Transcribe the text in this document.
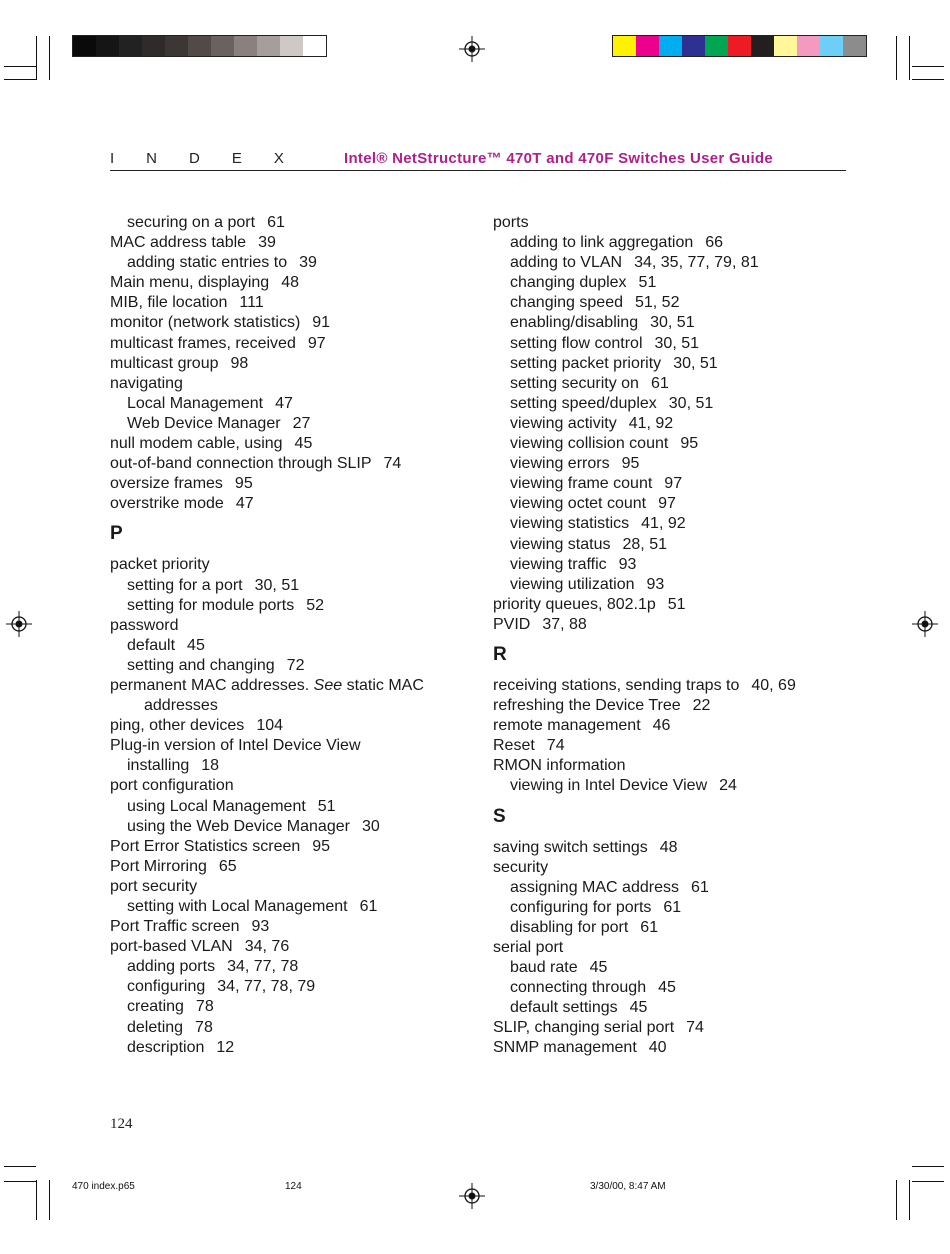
INDEX Intel® NetStructure™ 470T and 470F Switches User Guide
securing on a port 61
MAC address table 39
adding static entries to 39
Main menu, displaying 48
MIB, file location 111
monitor (network statistics) 91
multicast frames, received 97
multicast group 98
navigating
Local Management 47
Web Device Manager 27
null modem cable, using 45
out-of-band connection through SLIP 74
oversize frames 95
overstrike mode 47
P
packet priority
setting for a port 30, 51
setting for module ports 52
password
default 45
setting and changing 72
permanent MAC addresses. See static MAC
addresses
ping, other devices 104
Plug-in version of Intel Device View
installing 18
port configuration
using Local Management 51
using the Web Device Manager 30
Port Error Statistics screen 95
Port Mirroring 65
port security
setting with Local Management 61
Port Traffic screen 93
port-based VLAN 34, 76
adding ports 34, 77, 78
configuring 34, 77, 78, 79
creating 78
deleting 78
description 12
ports
adding to link aggregation 66
adding to VLAN 34, 35, 77, 79, 81
changing duplex 51
changing speed 51, 52
enabling/disabling 30, 51
setting flow control 30, 51
setting packet priority 30, 51
setting security on 61
setting speed/duplex 30, 51
viewing activity 41, 92
viewing collision count 95
viewing errors 95
viewing frame count 97
viewing octet count 97
viewing statistics 41, 92
viewing status 28, 51
viewing traffic 93
viewing utilization 93
priority queues, 802.1p 51
PVID 37, 88
R
receiving stations, sending traps to 40, 69
refreshing the Device Tree 22
remote management 46
Reset 74
RMON information
viewing in Intel Device View 24
S
saving switch settings 48
security
assigning MAC address 61
configuring for ports 61
disabling for port 61
serial port
baud rate 45
connecting through 45
default settings 45
SLIP, changing serial port 74
SNMP management 40
124
470 index.p65	124	3/30/00, 8:47 AM
